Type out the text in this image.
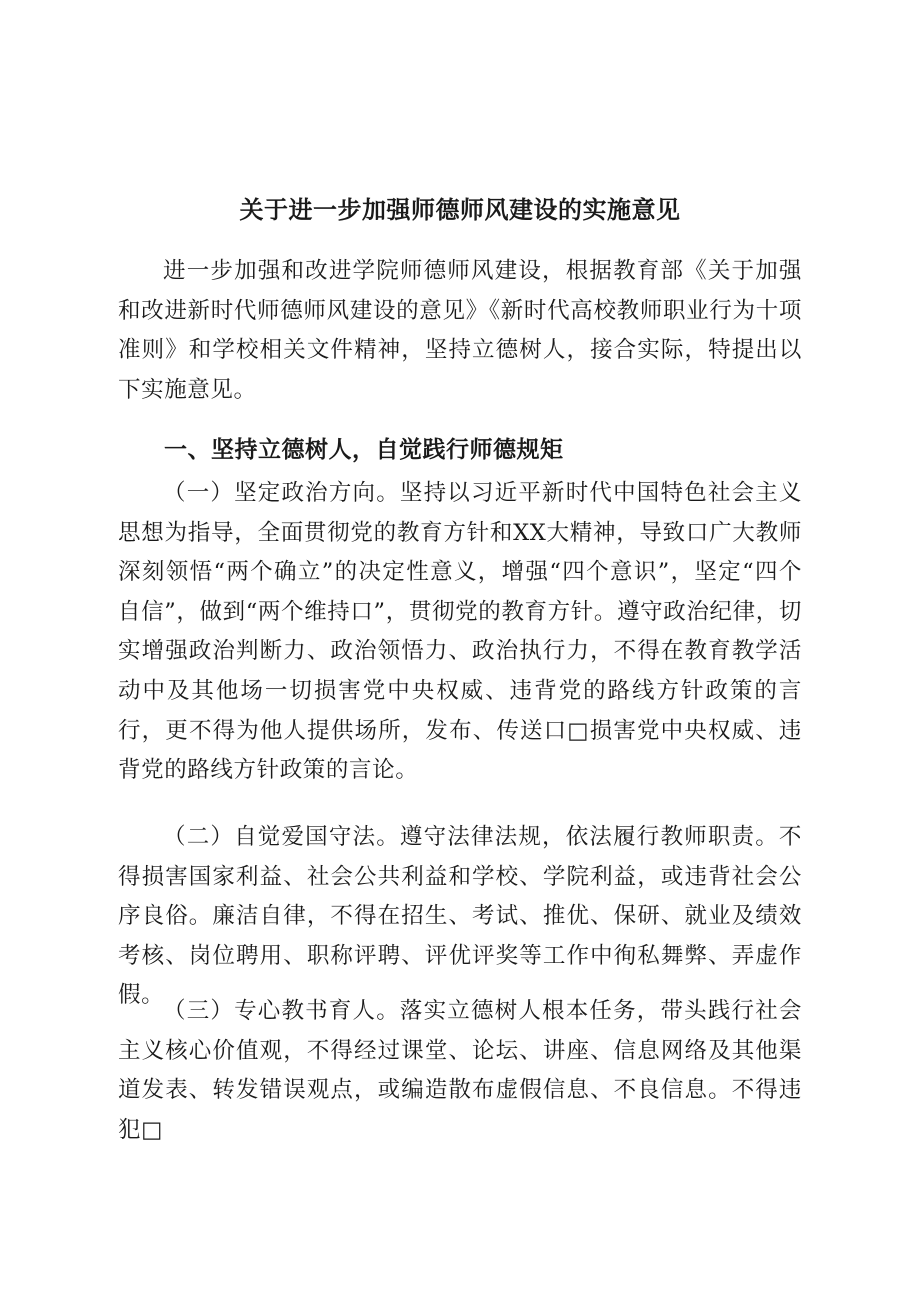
关于进一步加强师德师风建设的实施意见

进一步加强和改进学院师德师风建设，根据教育部《关于加强和改进新时代师德师风建设的意见》《新时代高校教师职业行为十项准则》和学校相关文件精神，坚持立德树人，接合实际，特提出以下实施意见。

一、坚持立德树人，自觉践行师德规矩

（一）坚定政治方向。坚持以习近平新时代中国特色社会主义思想为指导，全面贯彻党的教育方针和XX大精神，导致口广大教师深刻领悟“两个确立”的决定性意义，增强“四个意识”，坚定“四个自信”，做到“两个维持口”，贯彻党的教育方针。遵守政治纪律，切实增强政治判断力、政治领悟力、政治执行力，不得在教育教学活动中及其他场一切损害党中央权威、违背党的路线方针政策的言行，更不得为他人提供场所，发布、传送口□损害党中央权威、违背党的路线方针政策的言论。

（二）自觉爱国守法。遵守法律法规，依法履行教师职责。不得损害国家利益、社会公共利益和学校、学院利益，或违背社会公序良俗。廉洁自律，不得在招生、考试、推优、保研、就业及绩效考核、岗位聘用、职称评聘、评优评奖等工作中徇私舞弊、弄虚作假。

（三）专心教书育人。落实立德树人根本任务，带头践行社会主义核心价值观，不得经过课堂、论坛、讲座、信息网络及其他渠道发表、转发错误观点，或编造散布虚假信息、不良信息。不得违犯□
